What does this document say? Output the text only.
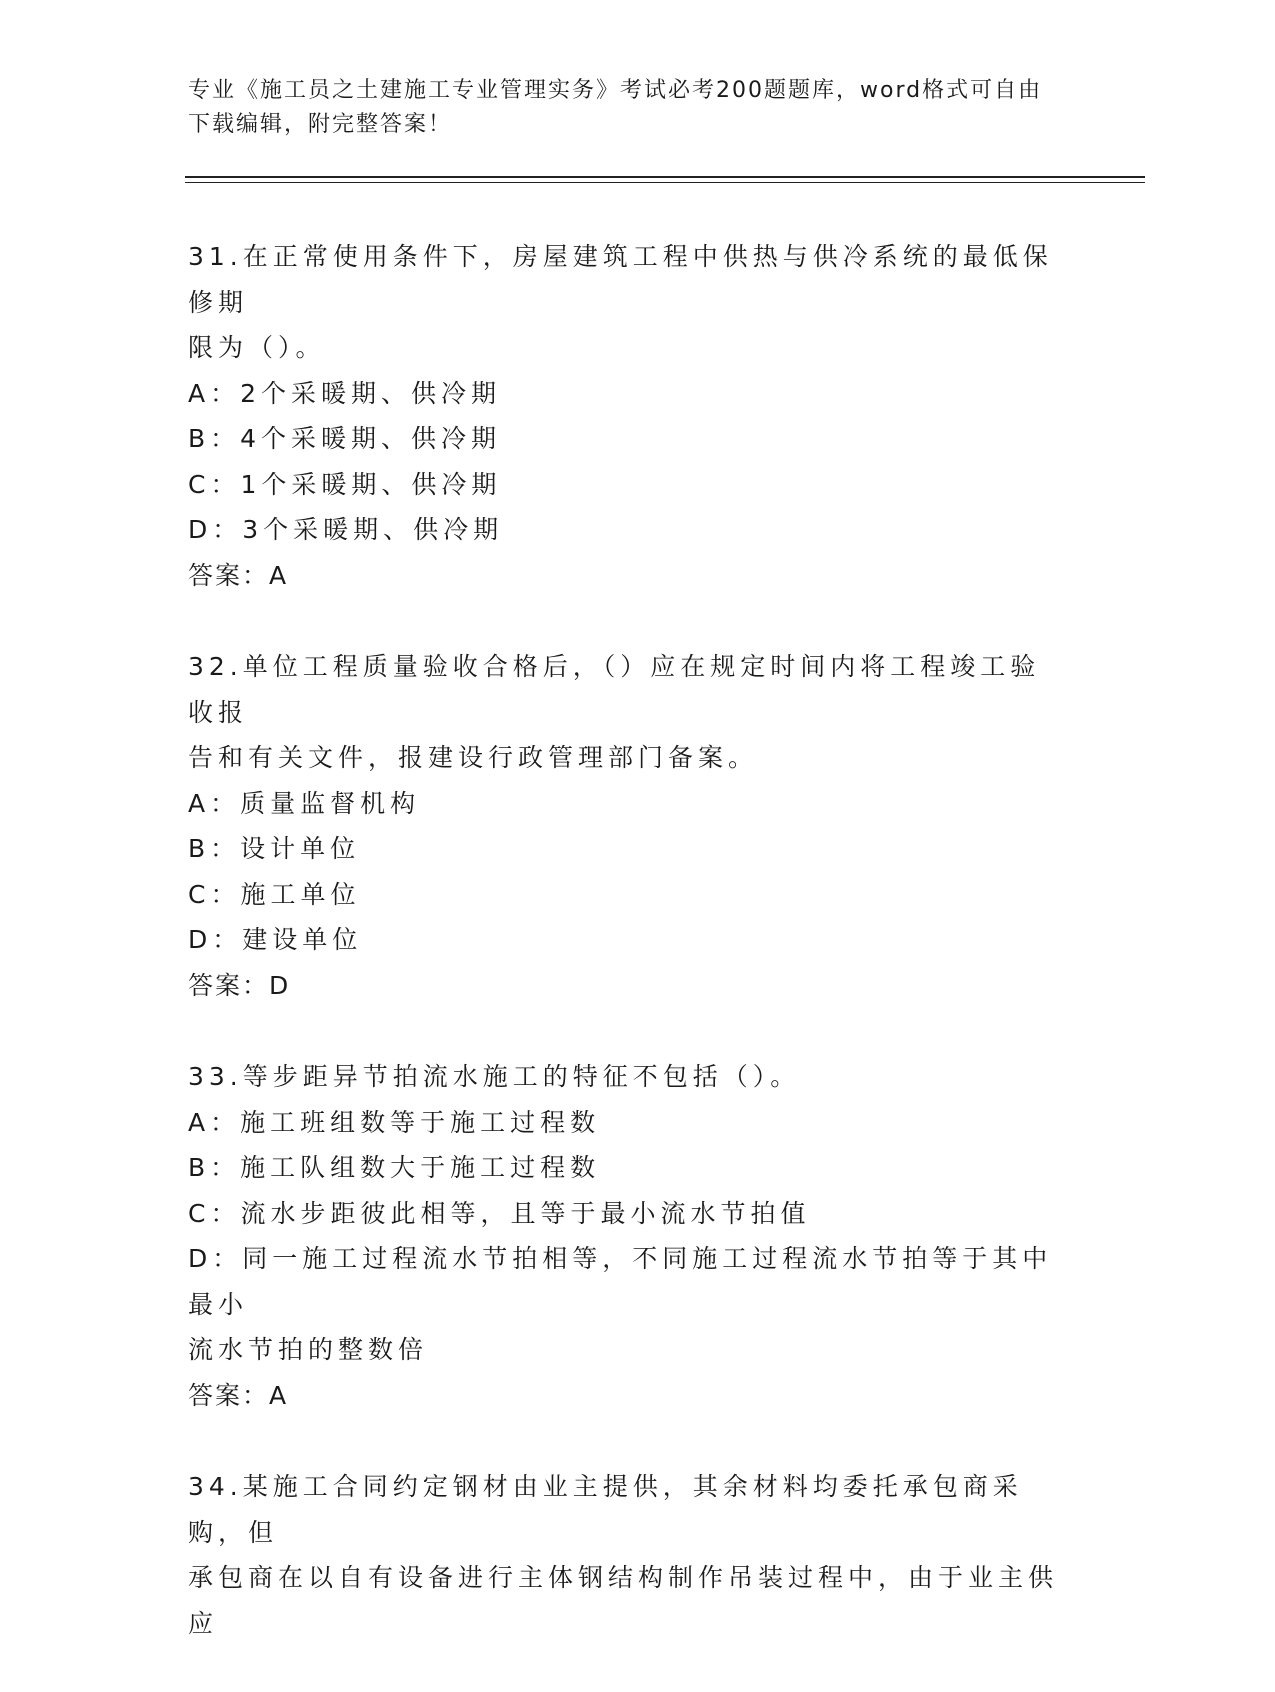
专业《施工员之土建施工专业管理实务》考试必考200题题库，word格式可自由
下载编辑，附完整答案！

31.在正常使用条件下，房屋建筑工程中供热与供冷系统的最低保修期

限为（）。

A：2个采暖期、供冷期

B：4个采暖期、供冷期

C：1个采暖期、供冷期

D：3个采暖期、供冷期

答案：A

32.单位工程质量验收合格后，（）应在规定时间内将工程竣工验收报

告和有关文件，报建设行政管理部门备案。

A：质量监督机构

B：设计单位

C：施工单位

D：建设单位

答案：D

33.等步距异节拍流水施工的特征不包括（）。

A：施工班组数等于施工过程数

B：施工队组数大于施工过程数

C：流水步距彼此相等，且等于最小流水节拍值

D：同一施工过程流水节拍相等，不同施工过程流水节拍等于其中最小

流水节拍的整数倍

答案：A

34.某施工合同约定钢材由业主提供，其余材料均委托承包商采购，但

承包商在以自有设备进行主体钢结构制作吊装过程中，由于业主供应
